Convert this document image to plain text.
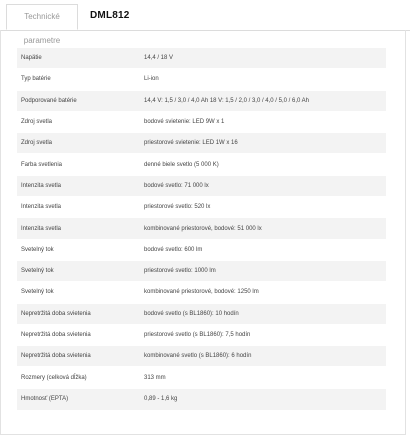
Technické parametre
DML812
Napätie	14,4 / 18 V
Typ batérie	Li-ion
Podporované batérie	14,4 V: 1,5 / 3,0 / 4,0 Ah 18 V: 1,5 / 2,0 / 3,0 / 4,0 / 5,0 / 6,0 Ah
Zdroj svetla	bodové svietenie: LED 9W x 1
Zdroj svetla	priestorové svietenie: LED 1W x 16
Farba svetlenia	denné biele svetlo (5 000 K)
Intenzita svetla	bodové svetlo: 71 000 lx
Intenzita svetla	priestorové svetlo: 520 lx
Intenzita svetla	kombinované priestorové, bodové: 51 000 lx
Svetelný tok	bodové svetlo: 600 lm
Svetelný tok	priestorové svetlo: 1000 lm
Svetelný tok	kombinované priestorové, bodové: 1250 lm
Nepretržitá doba svietenia	bodové svetlo (s BL1860): 10 hodín
Nepretržitá doba svietenia	priestorové svetlo (s BL1860): 7,5 hodín
Nepretržitá doba svietenia	kombinované svetlo (s BL1860): 6 hodín
Rozmery (celková dĺžka)	313 mm
Hmotnosť (EPTA)	0,89 - 1,6 kg
